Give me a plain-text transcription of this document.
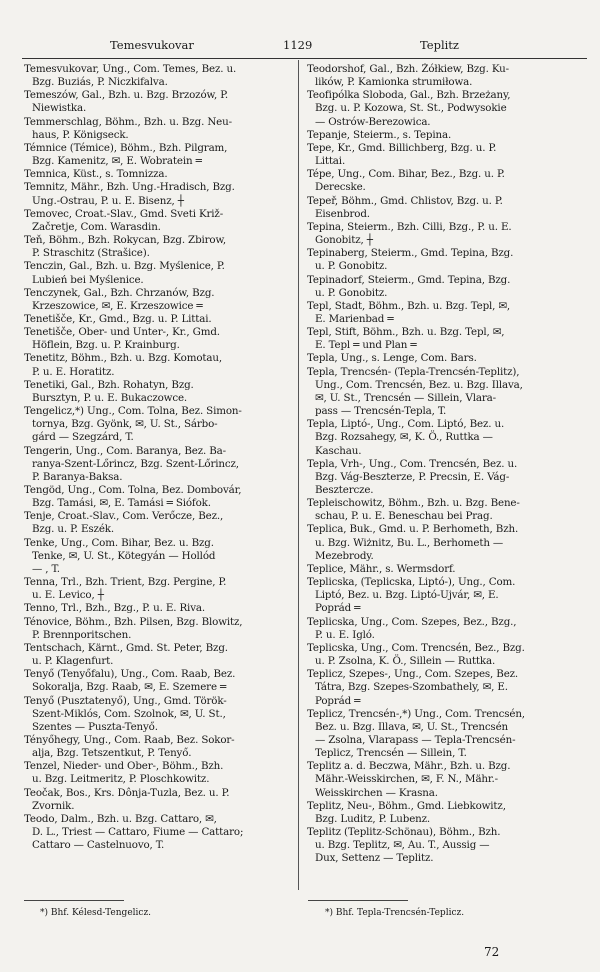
Temesvukovar	1129	Teplitz
Temesvukovar, Ung., Com. Temes, Bez. u.
Bzg. Buziás, P. Niczkifalva.
Temeszów, Gal., Bzh. u. Bzg. Brzozów, P.
Niewistka.
Temmerschlag, Böhm., Bzh. u. Bzg. Neu-
haus, P. Königseck.
Témnice (Témice), Böhm., Bzh. Pilgram,
Bzg. Kamenitz, ✉, E. Wobratein ═
Temnica, Küst., s. Tomnizza.
Temnitz, Mähr., Bzh. Ung.-Hradisch, Bzg.
Ung.-Ostrau, P. u. E. Bisenz, ┼
Temovec, Croat.-Slav., Gmd. Sveti Križ-
Začretje, Com. Warasdin.
Teň, Böhm., Bzh. Rokycan, Bzg. Zbirow,
P. Straschitz (Strašice).
Tenczin, Gal., Bzh. u. Bzg. Myślenice, P.
Lubień bei Myślenice.
Tenczynek, Gal., Bzh. Chrzanów, Bzg.
Krzeszowice, ✉, E. Krzeszowice ═
Tenetišče, Kr., Gmd., Bzg. u. P. Littai.
Tenetišče, Ober- und Unter-, Kr., Gmd.
Höflein, Bzg. u. P. Krainburg.
Tenetitz, Böhm., Bzh. u. Bzg. Komotau,
P. u. E. Horatitz.
Tenetiki, Gal., Bzh. Rohatyn, Bzg.
Bursztyn, P. u. E. Bukaczowce.
Tengelicz,*) Ung., Com. Tolna, Bez. Simon-
tornya, Bzg. Gyönk, ✉, U. St., Sárbo-
gárd — Szegzárd, T.
Tengerin, Ung., Com. Baranya, Bez. Ba-
ranya-Szent-Lőrincz, Bzg. Szent-Lőrincz,
P. Baranya-Baksa.
Tengöd, Ung., Com. Tolna, Bez. Dombovár,
Bzg. Tamási, ✉, E. Tamási ═ Siófok.
Tenje, Croat.-Slav., Com. Verőcze, Bez.,
Bzg. u. P. Eszék.
Tenke, Ung., Com. Bihar, Bez. u. Bzg.
Tenke, ✉, U. St., Kötegyán — Hollód
— , T.
Tenna, Trl., Bzh. Trient, Bzg. Pergine, P.
u. E. Levico, ┼
Tenno, Trl., Bzh., Bzg., P. u. E. Riva.
Ténovice, Böhm., Bzh. Pilsen, Bzg. Blowitz,
P. Brennporitschen.
Tentschach, Kärnt., Gmd. St. Peter, Bzg.
u. P. Klagenfurt.
Tenyő (Tenyőfalu), Ung., Com. Raab, Bez.
Sokoralja, Bzg. Raab, ✉, E. Szemere ═
Tenyő (Pusztatenyő), Ung., Gmd. Török-
Szent-Miklós, Com. Szolnok, ✉, U. St.,
Szentes — Puszta-Tenyő.
Tényőhegy, Ung., Com. Raab, Bez. Sokor-
alja, Bzg. Tetszentkut, P. Tenyő.
Tenzel, Nieder- und Ober-, Böhm., Bzh.
u. Bzg. Leitmeritz, P. Ploschkowitz.
Teočak, Bos., Krs. Dônja-Tuzla, Bez. u. P.
Zvornik.
Teodo, Dalm., Bzh. u. Bzg. Cattaro, ✉,
D. L., Triest — Cattaro, Fiume — Cattaro;
Cattaro — Castelnuovo, T.
Teodorshof, Gal., Bzh. Żółkiew, Bzg. Ku-
lików, P. Kamionka strumiłowa.
Teofipólka Sloboda, Gal., Bzh. Brzeżany,
Bzg. u. P. Kozowa, St. St., Podwysokie
— Ostrów-Berezowica.
Tepanje, Steierm., s. Tepina.
Tepe, Kr., Gmd. Billichberg, Bzg. u. P.
Littai.
Tépe, Ung., Com. Bihar, Bez., Bzg. u. P.
Derecske.
Tepeř, Böhm., Gmd. Chlistov, Bzg. u. P.
Eisenbrod.
Tepina, Steierm., Bzh. Cilli, Bzg., P. u. E.
Gonobitz, ┼
Tepinaberg, Steierm., Gmd. Tepina, Bzg.
u. P. Gonobitz.
Tepinadorf, Steierm., Gmd. Tepina, Bzg.
u. P. Gonobitz.
Tepl, Stadt, Böhm., Bzh. u. Bzg. Tepl, ✉,
E. Marienbad ═
Tepl, Stift, Böhm., Bzh. u. Bzg. Tepl, ✉,
E. Tepl ═ und Plan ═
Tepla, Ung., s. Lenge, Com. Bars.
Tepla, Trencsén- (Tepla-Trencsén-Teplitz),
Ung., Com. Trencsén, Bez. u. Bzg. Illava,
✉, U. St., Trencsén — Sillein, Vlara-
pass — Trencsén-Tepla, T.
Tepla, Liptó-, Ung., Com. Liptó, Bez. u.
Bzg. Rozsahegy, ✉, K. Ö., Ruttka —
Kaschau.
Tepla, Vrh-, Ung., Com. Trencsén, Bez. u.
Bzg. Vág-Beszterze, P. Precsin, E. Vág-
Besztercze.
Tepleischowitz, Böhm., Bzh. u. Bzg. Bene-
schau, P. u. E. Beneschau bei Prag.
Teplica, Buk., Gmd. u. P. Berhometh, Bzh.
u. Bzg. Wiżnitz, Bu. L., Berhometh —
Mezebrody.
Teplice, Mähr., s. Wermsdorf.
Teplicska, (Teplicska, Liptó-), Ung., Com.
Liptó, Bez. u. Bzg. Liptó-Ujvár, ✉, E.
Poprád ═
Teplicska, Ung., Com. Szepes, Bez., Bzg.,
P. u. E. Igló.
Teplicska, Ung., Com. Trencsén, Bez., Bzg.
u. P. Zsolna, K. Ö., Sillein — Ruttka.
Teplicz, Szepes-, Ung., Com. Szepes, Bez.
Tátra, Bzg. Szepes-Szombathely, ✉, E.
Poprád ═
Teplicz, Trencsén-,*) Ung., Com. Trencsén,
Bez. u. Bzg. Illava, ✉, U. St., Trencsén
— Zsolna, Vlarapass — Tepla-Trencsén-
Teplicz, Trencsén — Sillein, T.
Teplitz a. d. Beczwa, Mähr., Bzh. u. Bzg.
Mähr.-Weisskirchen, ✉, F. N., Mähr.-
Weisskirchen — Krasna.
Teplitz, Neu-, Böhm., Gmd. Liebkowitz,
Bzg. Luditz, P. Lubenz.
Teplitz (Teplitz-Schönau), Böhm., Bzh.
u. Bzg. Teplitz, ✉, Au. T., Aussig —
Dux, Settenz — Teplitz.
*) Bhf. Kélesd-Tengelicz.	*) Bhf. Tepla-Trencsén-Teplicz.
72
